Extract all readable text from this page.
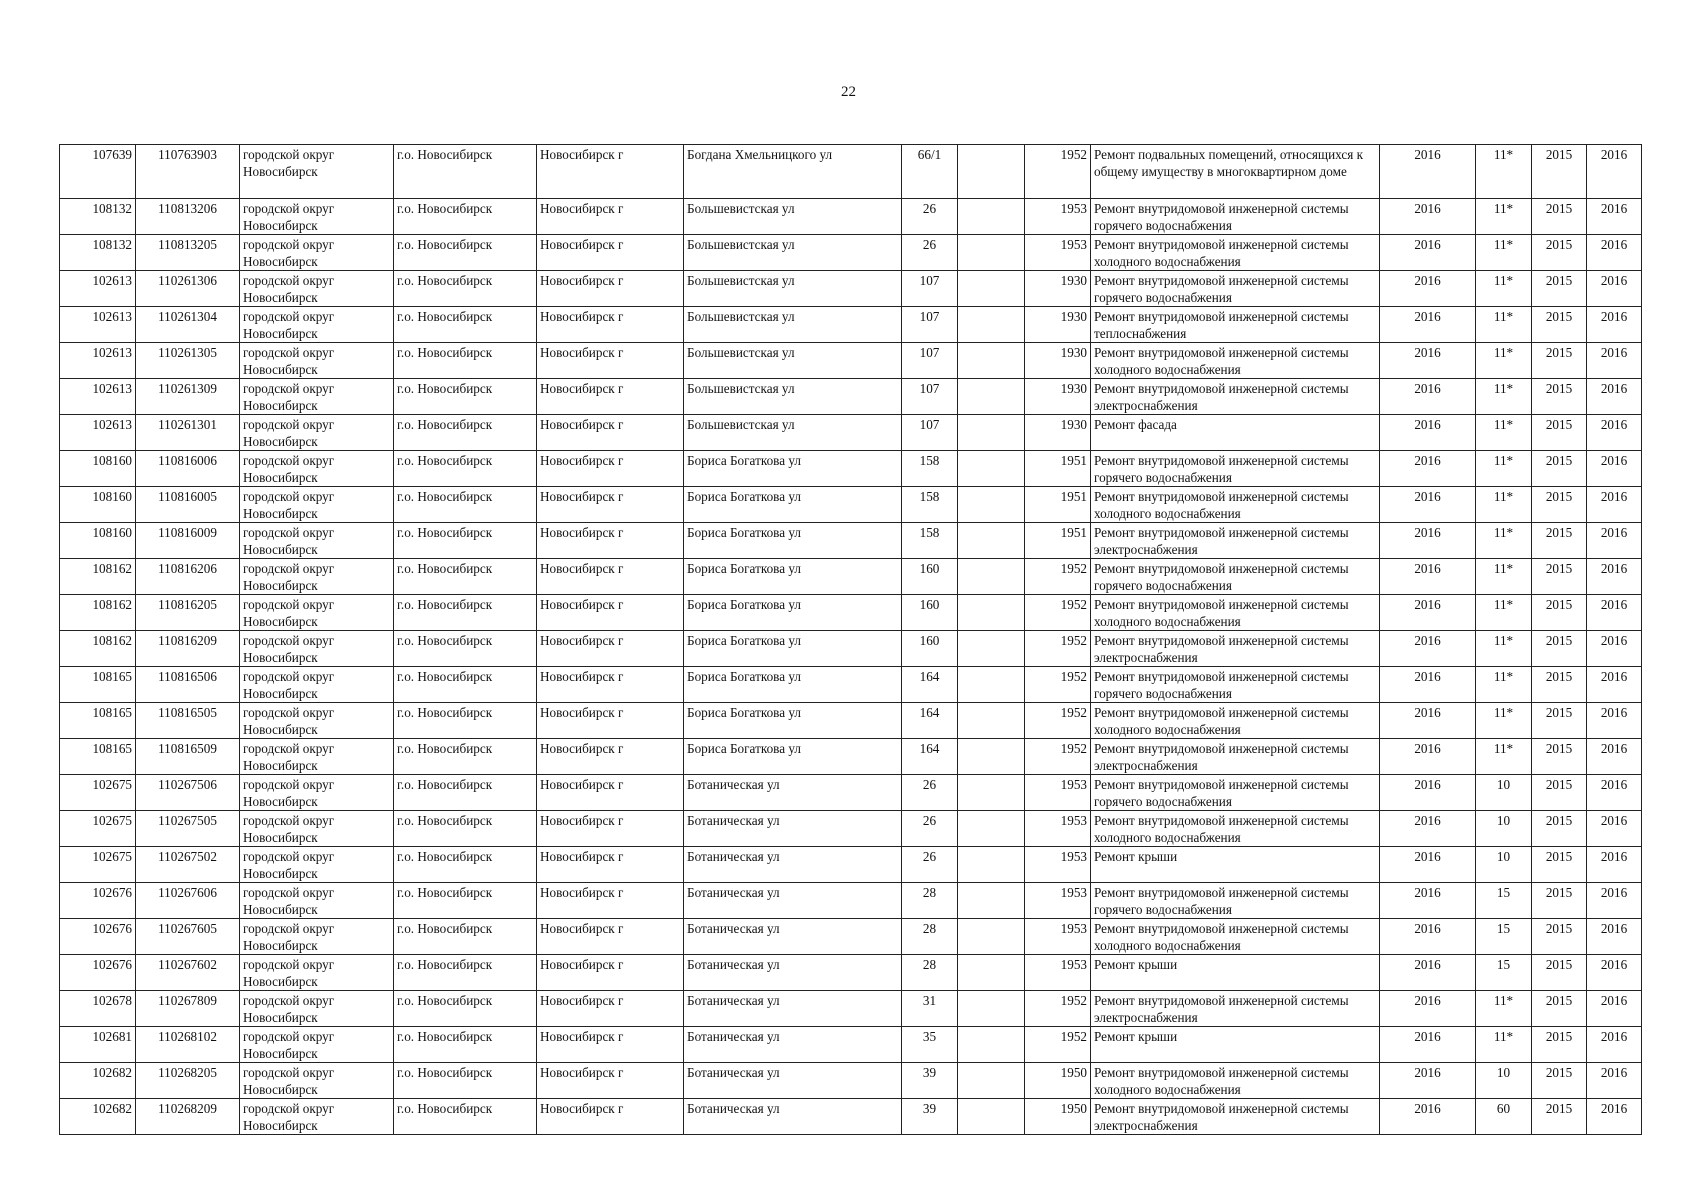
22
107639	110763903	городской округ Новосибирск	г.о. Новосибирск	Новосибирск г	Богдана Хмельницкого ул	66/1		1952	Ремонт подвальных помещений, относящихся к общему имуществу в многоквартирном доме	2016	11*	2015	2016
108132	110813206	городской округ Новосибирск	г.о. Новосибирск	Новосибирск г	Большевистская ул	26		1953	Ремонт внутридомовой инженерной системы горячего водоснабжения	2016	11*	2015	2016
108132	110813205	городской округ Новосибирск	г.о. Новосибирск	Новосибирск г	Большевистская ул	26		1953	Ремонт внутридомовой инженерной системы холодного водоснабжения	2016	11*	2015	2016
102613	110261306	городской округ Новосибирск	г.о. Новосибирск	Новосибирск г	Большевистская ул	107		1930	Ремонт внутридомовой инженерной системы горячего водоснабжения	2016	11*	2015	2016
102613	110261304	городской округ Новосибирск	г.о. Новосибирск	Новосибирск г	Большевистская ул	107		1930	Ремонт внутридомовой инженерной системы теплоснабжения	2016	11*	2015	2016
102613	110261305	городской округ Новосибирск	г.о. Новосибирск	Новосибирск г	Большевистская ул	107		1930	Ремонт внутридомовой инженерной системы холодного водоснабжения	2016	11*	2015	2016
102613	110261309	городской округ Новосибирск	г.о. Новосибирск	Новосибирск г	Большевистская ул	107		1930	Ремонт внутридомовой инженерной системы электроснабжения	2016	11*	2015	2016
102613	110261301	городской округ Новосибирск	г.о. Новосибирск	Новосибирск г	Большевистская ул	107		1930	Ремонт фасада	2016	11*	2015	2016
108160	110816006	городской округ Новосибирск	г.о. Новосибирск	Новосибирск г	Бориса Богаткова ул	158		1951	Ремонт внутридомовой инженерной системы горячего водоснабжения	2016	11*	2015	2016
108160	110816005	городской округ Новосибирск	г.о. Новосибирск	Новосибирск г	Бориса Богаткова ул	158		1951	Ремонт внутридомовой инженерной системы холодного водоснабжения	2016	11*	2015	2016
108160	110816009	городской округ Новосибирск	г.о. Новосибирск	Новосибирск г	Бориса Богаткова ул	158		1951	Ремонт внутридомовой инженерной системы электроснабжения	2016	11*	2015	2016
108162	110816206	городской округ Новосибирск	г.о. Новосибирск	Новосибирск г	Бориса Богаткова ул	160		1952	Ремонт внутридомовой инженерной системы горячего водоснабжения	2016	11*	2015	2016
108162	110816205	городской округ Новосибирск	г.о. Новосибирск	Новосибирск г	Бориса Богаткова ул	160		1952	Ремонт внутридомовой инженерной системы холодного водоснабжения	2016	11*	2015	2016
108162	110816209	городской округ Новосибирск	г.о. Новосибирск	Новосибирск г	Бориса Богаткова ул	160		1952	Ремонт внутридомовой инженерной системы электроснабжения	2016	11*	2015	2016
108165	110816506	городской округ Новосибирск	г.о. Новосибирск	Новосибирск г	Бориса Богаткова ул	164		1952	Ремонт внутридомовой инженерной системы горячего водоснабжения	2016	11*	2015	2016
108165	110816505	городской округ Новосибирск	г.о. Новосибирск	Новосибирск г	Бориса Богаткова ул	164		1952	Ремонт внутридомовой инженерной системы холодного водоснабжения	2016	11*	2015	2016
108165	110816509	городской округ Новосибирск	г.о. Новосибирск	Новосибирск г	Бориса Богаткова ул	164		1952	Ремонт внутридомовой инженерной системы электроснабжения	2016	11*	2015	2016
102675	110267506	городской округ Новосибирск	г.о. Новосибирск	Новосибирск г	Ботаническая ул	26		1953	Ремонт внутридомовой инженерной системы горячего водоснабжения	2016	10	2015	2016
102675	110267505	городской округ Новосибирск	г.о. Новосибирск	Новосибирск г	Ботаническая ул	26		1953	Ремонт внутридомовой инженерной системы холодного водоснабжения	2016	10	2015	2016
102675	110267502	городской округ Новосибирск	г.о. Новосибирск	Новосибирск г	Ботаническая ул	26		1953	Ремонт крыши	2016	10	2015	2016
102676	110267606	городской округ Новосибирск	г.о. Новосибирск	Новосибирск г	Ботаническая ул	28		1953	Ремонт внутридомовой инженерной системы горячего водоснабжения	2016	15	2015	2016
102676	110267605	городской округ Новосибирск	г.о. Новосибирск	Новосибирск г	Ботаническая ул	28		1953	Ремонт внутридомовой инженерной системы холодного водоснабжения	2016	15	2015	2016
102676	110267602	городской округ Новосибирск	г.о. Новосибирск	Новосибирск г	Ботаническая ул	28		1953	Ремонт крыши	2016	15	2015	2016
102678	110267809	городской округ Новосибирск	г.о. Новосибирск	Новосибирск г	Ботаническая ул	31		1952	Ремонт внутридомовой инженерной системы электроснабжения	2016	11*	2015	2016
102681	110268102	городской округ Новосибирск	г.о. Новосибирск	Новосибирск г	Ботаническая ул	35		1952	Ремонт крыши	2016	11*	2015	2016
102682	110268205	городской округ Новосибирск	г.о. Новосибирск	Новосибирск г	Ботаническая ул	39		1950	Ремонт внутридомовой инженерной системы холодного водоснабжения	2016	10	2015	2016
102682	110268209	городской округ Новосибирск	г.о. Новосибирск	Новосибирск г	Ботаническая ул	39		1950	Ремонт внутридомовой инженерной системы электроснабжения	2016	60	2015	2016
